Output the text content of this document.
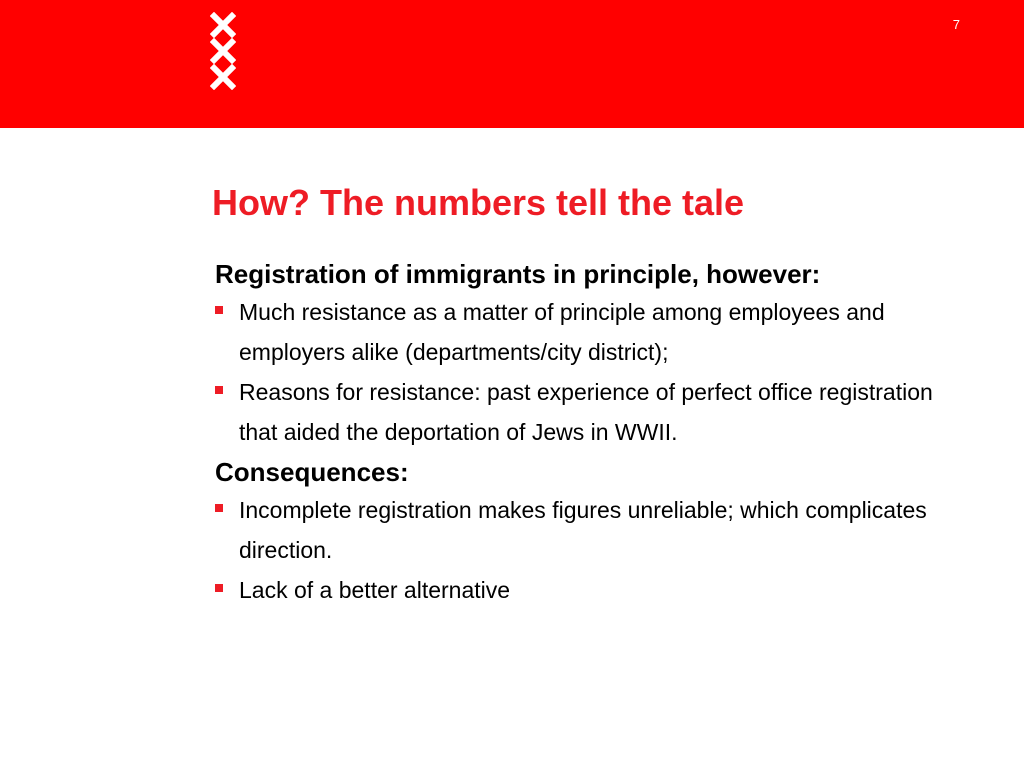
7
How? The numbers tell the tale
Registration of immigrants in principle, however:
Much resistance as a matter of principle among employees and employers alike (departments/city district);
Reasons for resistance: past experience of perfect office registration that aided the deportation of Jews in WWII.
Consequences:
Incomplete registration makes figures unreliable; which complicates direction.
Lack of a better alternative
